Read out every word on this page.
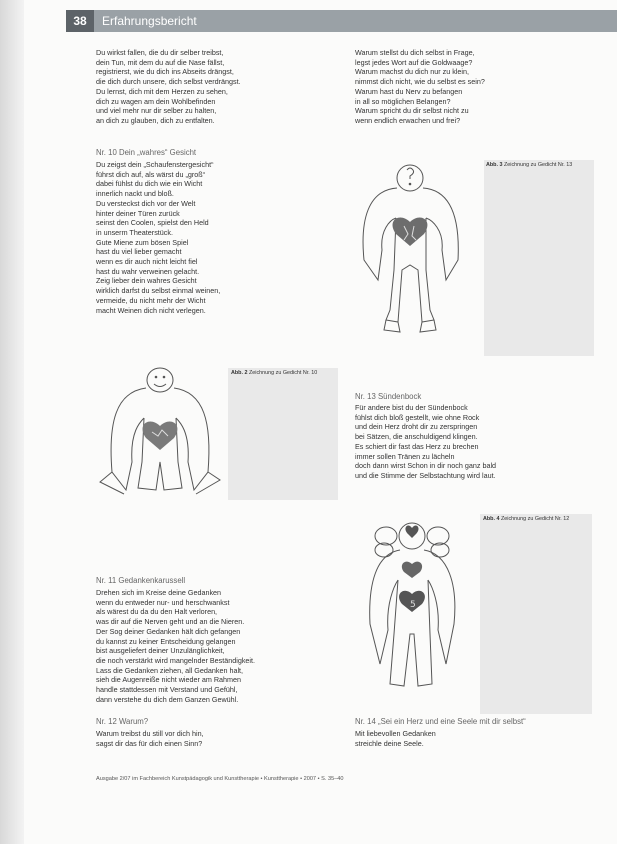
38	Erfahrungsbericht
Du wirkst fallen, die du dir selber treibst,
dein Tun, mit dem du auf die Nase fällst,
registrierst, wie du dich ins Abseits drängst,
die dich durch unsere, dich selbst verdrängst.
Du lernst, dich mit dem Herzen zu sehen,
dich zu wagen am dein Wohlbefinden
und viel mehr nur dir selber zu halten,
an dich zu glauben, dich zu entfalten.
Warum stellst du dich selbst in Frage,
legst jedes Wort auf die Goldwaage?
Warum machst du dich nur zu klein,
nimmst dich nicht, wie du selbst es sein?
Warum hast du Nerv zu befangen
in all so möglichen Belangen?
Warum spricht du dir selbst nicht zu
wenn endlich erwachen und frei?
Nr. 10 Dein „wahres“ Gesicht
Du zeigst dein „Schaufenstergesicht“
führst dich auf, als wärst du „groß“
dabei fühlst du dich wie ein Wicht
innerlich nackt und bloß.
Du versteckst dich vor der Welt
hinter deiner Türen zurück
seinst den Coolen, spielst den Held
in unserm Theaterstück.
Gute Miene zum bösen Spiel
hast du viel lieber gemacht
wenn es dir auch nicht leicht fiel
hast du wahr verweinen gelacht.
Zeig lieber dein wahres Gesicht
wirklich darfst du selbst einmal weinen,
vermeide, du nicht mehr der Wicht
macht Weinen dich nicht verlegen.
Abb. 3 Zeichnung zu Gedicht Nr. 13
Abb. 2 Zeichnung zu Gedicht Nr. 10
Nr. 13 Sündenbock
Für andere bist du der Sündenbock
fühlst dich bloß gestellt, wie ohne Rock
und dein Herz droht dir zu zerspringen
bei Sätzen, die anschuldigend klingen.
Es schiert dir fast das Herz zu brechen
immer sollen Tränen zu lächeln
doch dann wirst Schon in dir noch ganz bald
und die Stimme der Selbstachtung wird laut.
Abb. 4 Zeichnung zu Gedicht Nr. 12
5
Nr. 11 Gedankenkarussell
Drehen sich im Kreise deine Gedanken
wenn du entweder nur- und herschwankst
als wärest du da du den Halt verloren,
was dir auf die Nerven geht und an die Nieren.
Der Sog deiner Gedanken hält dich gefangen
du kannst zu keiner Entscheidung gelangen
bist ausgeliefert deiner Unzulänglichkeit,
die noch verstärkt wird mangelnder Beständigkeit.
Lass die Gedanken ziehen, all Gedanken halt,
sieh die Augenreiße nicht wieder am Rahmen
handle stattdessen mit Verstand und Gefühl,
dann verstehe du dich dem Ganzen Gewühl.
Nr. 12 Warum?
Warum treibst du still vor dich hin,
sagst dir das für dich einen Sinn?
Nr. 14 „Sei ein Herz und eine Seele mit dir selbst“
Mit liebevollen Gedanken
streichle deine Seele.
Ausgabe 2/07 im Fachbereich Kunstpädagogik und Kunsttherapie • Kunsttherapie • 2007 • S. 35–40
